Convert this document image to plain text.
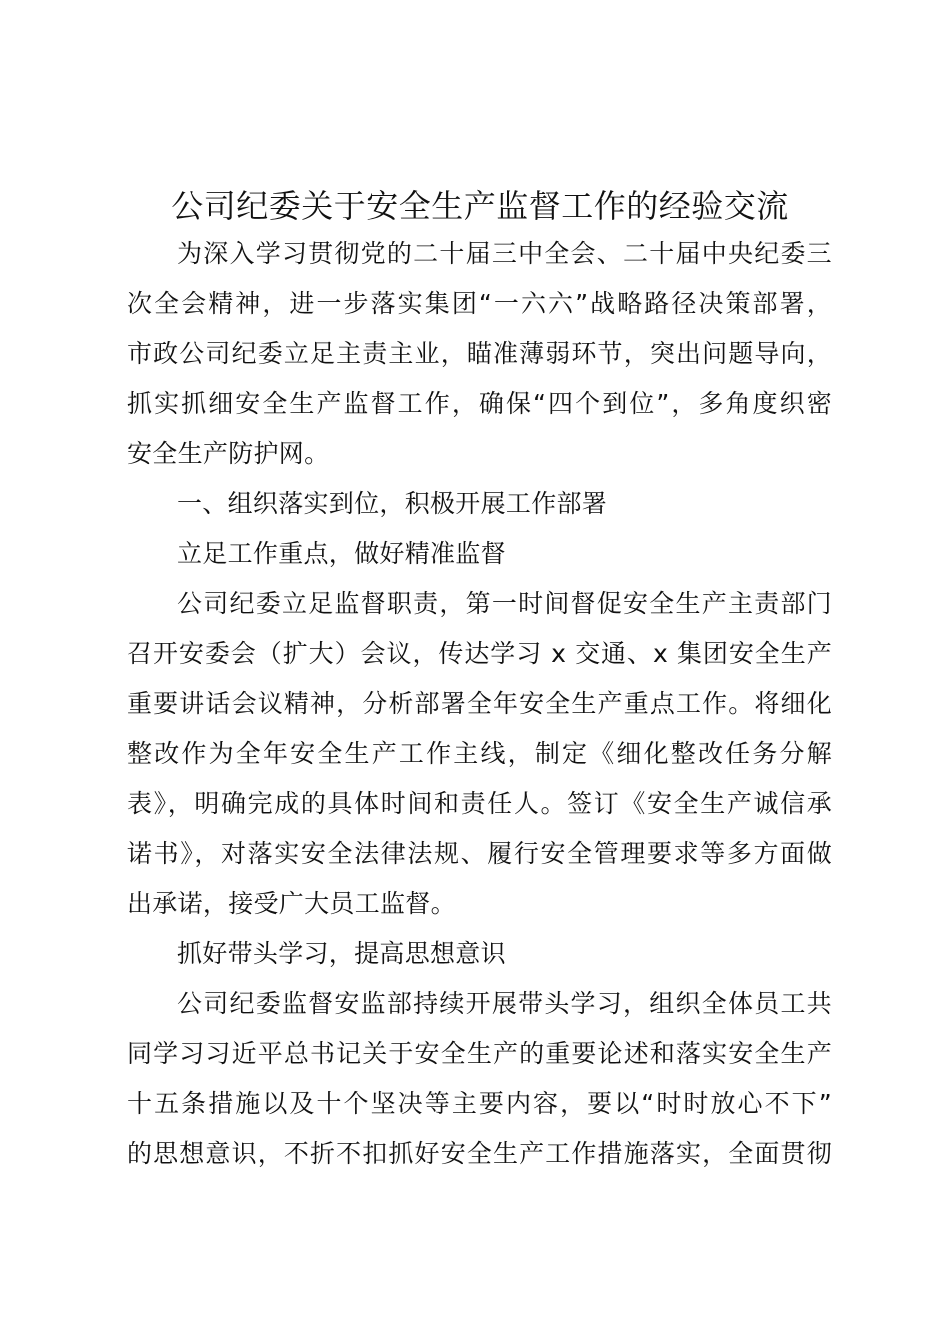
公司纪委关于安全生产监督工作的经验交流
为深入学习贯彻党的二十届三中全会、二十届中央纪委三
次全会精神，进一步落实集团“一六六”战略路径决策部署，
市政公司纪委立足主责主业，瞄准薄弱环节，突出问题导向，
抓实抓细安全生产监督工作，确保“四个到位”，多角度织密
安全生产防护网。
一、组织落实到位，积极开展工作部署
立足工作重点，做好精准监督
公司纪委立足监督职责，第一时间督促安全生产主责部门
召开安委会（扩大）会议，传达学习 x 交通、x 集团安全生产
重要讲话会议精神，分析部署全年安全生产重点工作。将细化
整改作为全年安全生产工作主线，制定《细化整改任务分解
表》，明确完成的具体时间和责任人。签订《安全生产诚信承
诺书》，对落实安全法律法规、履行安全管理要求等多方面做
出承诺，接受广大员工监督。
抓好带头学习，提高思想意识
公司纪委监督安监部持续开展带头学习，组织全体员工共
同学习习近平总书记关于安全生产的重要论述和落实安全生产
十五条措施以及十个坚决等主要内容，要以“时时放心不下”
的思想意识，不折不扣抓好安全生产工作措施落实，全面贯彻
